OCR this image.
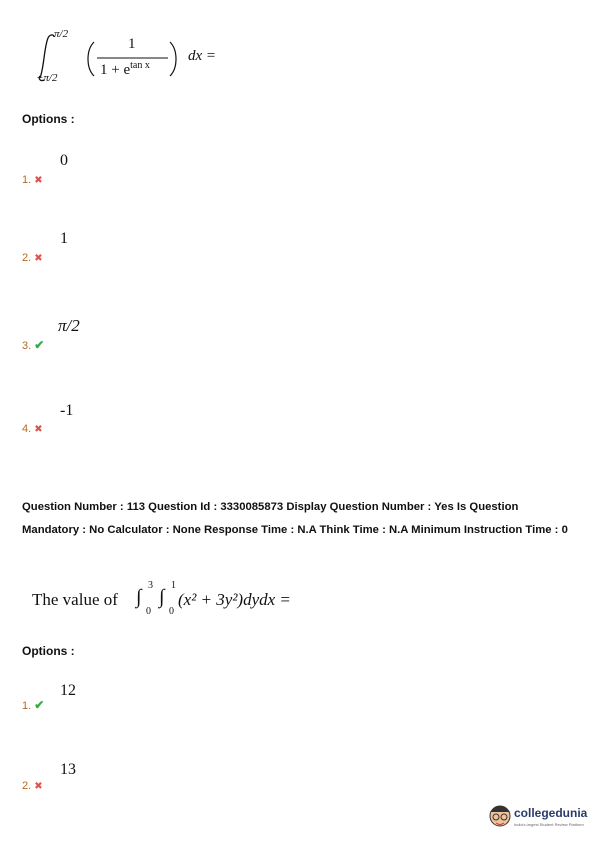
π/2
−π/2
1
$1 + e^{tan x}$
dx =
Options :
0
1. ✖
1
2. ✖
π/2
3. ✔
-1
4. ✖
Question Number : 113 Question Id : 3330085873 Display Question Number : Yes Is Question Mandatory : No Calculator : None Response Time : N.A Think Time : N.A Minimum Instruction Time : 0
The value of ∫
3
0
∫
1
0
(x² + 3y²)dydx =
Options :
12
1. ✔
13
2. ✖
collegedunia
India's largest Student Review Platform
